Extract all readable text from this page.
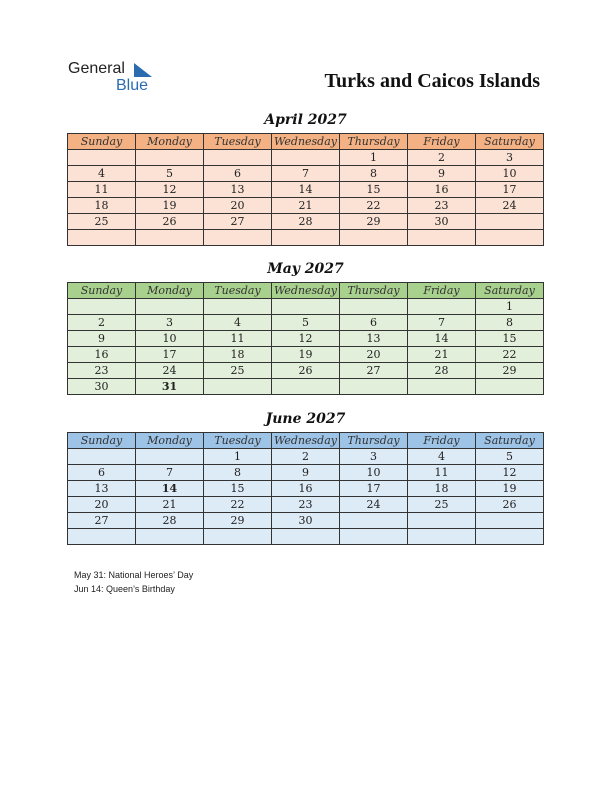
General
Blue	Turks and Caicos Islands
April 2027
Sunday	Monday	Tuesday	Wednesday	Thursday	Friday	Saturday
				1	2	3
4	5	6	7	8	9	10
11	12	13	14	15	16	17
18	19	20	21	22	23	24
25	26	27	28	29	30	

May 2027
Sunday	Monday	Tuesday	Wednesday	Thursday	Friday	Saturday
						1
2	3	4	5	6	7	8
9	10	11	12	13	14	15
16	17	18	19	20	21	22
23	24	25	26	27	28	29
30	31					
June 2027
Sunday	Monday	Tuesday	Wednesday	Thursday	Friday	Saturday
		1	2	3	4	5
6	7	8	9	10	11	12
13	14	15	16	17	18	19
20	21	22	23	24	25	26
27	28	29	30			

May 31: National Heroes’ Day
Jun 14: Queen’s Birthday
